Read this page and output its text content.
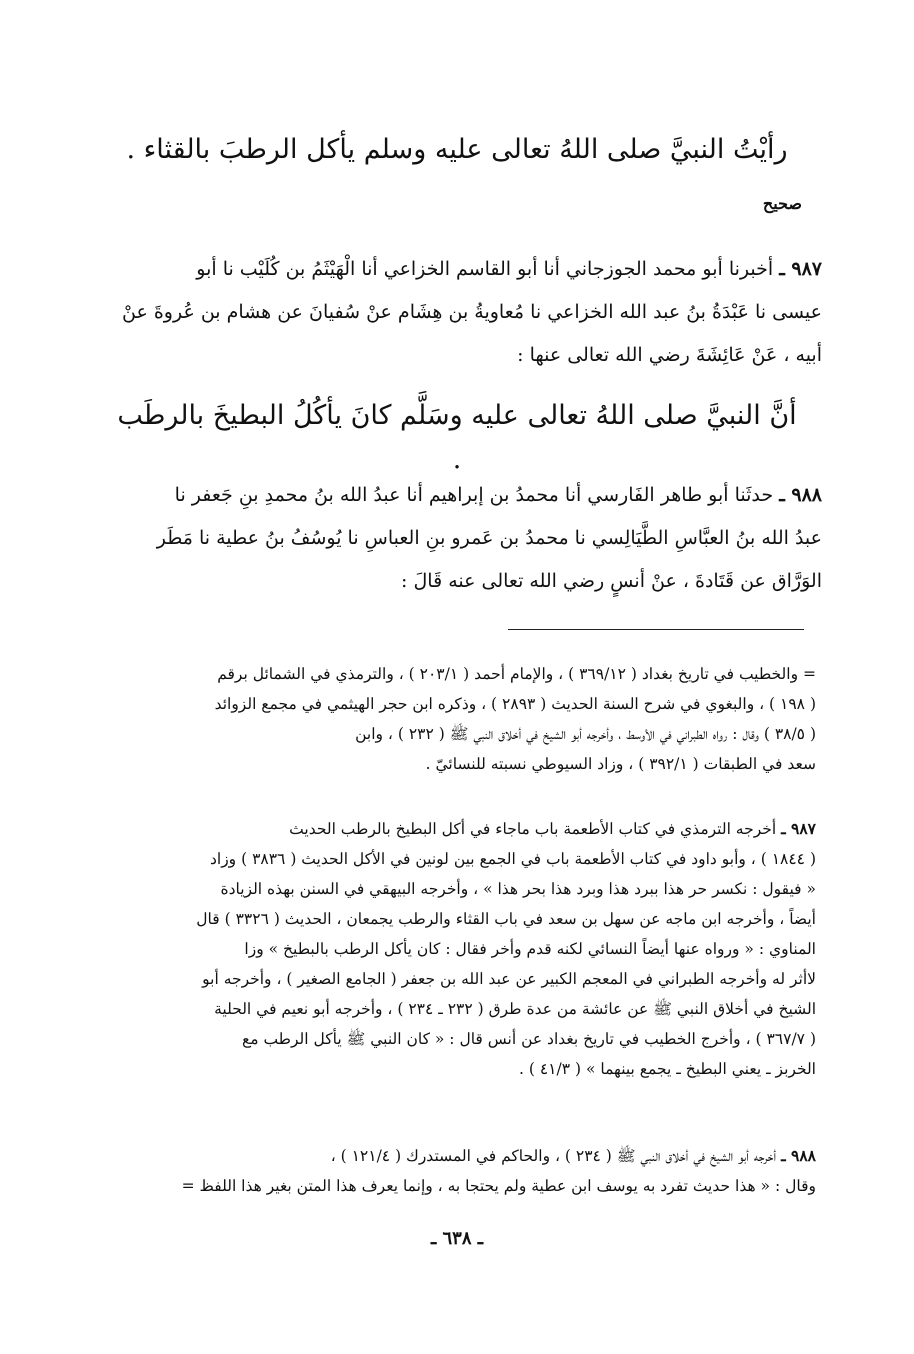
رأيْتُ النبيَّ صلى اللهُ تعالى عليه وسلم يأكل الرطبَ بالقثاء .
صحيح

٩٨٧ ـ أخبرنا أبو محمد الجوزجاني أنا أبو القاسم الخزاعي أنا الْهَيْثَمُ بن كُلَيْب نا أبو

عيسى نا عَبْدَةُ بنُ عبد الله الخزاعي نا مُعاويةُ بن هِشَام عنْ سُفيانَ عن هشام بن عُروةَ عنْ

أبيه ، عَنْ عَائِشَةَ رضي الله تعالى عنها :

أنَّ النبيَّ صلى اللهُ تعالى عليه وسَلَّم كانَ يأكُلُ البطيخَ بالرطَب .

٩٨٨ ـ حدثَنا أبو طاهر الفَارسي أنا محمدُ بن إبراهيم أنا عبدُ الله بنُ محمدِ بنِ جَعفر نا

عبدُ الله بنُ العبَّاسِ الطَّيَالِسي نا محمدُ بن عَمرو بنِ العباسِ نا يُوسُفُ بنُ عطية نا مَطَر

الوَرَّاق عن قَتَادةَ ، عنْ أنسٍ رضي الله تعالى عنه قَالَ :

= والخطيب في تاريخ بغداد ( ٣٦٩/١٢ ) ، والإمام أحمد ( ٢٠٣/١ ) ، والترمذي في الشمائل برقم

( ١٩٨ ) ، والبغوي في شرح السنة الحديث ( ٢٨٩٣ ) ، وذكره ابن حجر الهيثمي في مجمع الزوائد

( ٣٨/٥ ) وقال : رواه الطبراني في الأوسط ، وأخرجه أبو الشيخ في أخلاق النبي ﷺ ( ٢٣٢ ) ، وابن

سعد في الطبقات ( ٣٩٢/١ ) ، وزاد السيوطي نسبته للنسائيّ .

٩٨٧ ـ أخرجه الترمذي في كتاب الأطعمة باب ماجاء في أكل البطيخ بالرطب الحديث

( ١٨٤٤ ) ، وأبو داود في كتاب الأطعمة باب في الجمع بين لونين في الأكل الحديث ( ٣٨٣٦ ) وزاد

« فيقول : نكسر حر هذا ببرد هذا وبرد هذا بحر هذا » ، وأخرجه البيهقي في السنن بهذه الزيادة

أيضاً ، وأخرجه ابن ماجه عن سهل بن سعد في باب القثاء والرطب يجمعان ، الحديث ( ٣٣٢٦ ) قال

المناوي : « ورواه عنها أيضاً النسائي لكنه قدم وأخر فقال : كان يأكل الرطب بالبطيخ » وزا

لاأثر له وأخرجه الطبراني في المعجم الكبير عن عبد الله بن جعفر ( الجامع الصغير ) ، وأخرجه أبو

الشيخ في أخلاق النبي ﷺ عن عائشة من عدة طرق ( ٢٣٢ ـ ٢٣٤ ) ، وأخرجه أبو نعيم في الحلية

( ٣٦٧/٧ ) ، وأخرج الخطيب في تاريخ بغداد عن أنس قال : « كان النبي ﷺ يأكل الرطب مع

الخربز ـ يعني البطيخ ـ يجمع بينهما » ( ٤١/٣ ) .

٩٨٨ ـ أخرجه أبو الشيخ في أخلاق النبي ﷺ ( ٢٣٤ ) ، والحاكم في المستدرك ( ١٢١/٤ ) ،

وقال : « هذا حديث تفرد به يوسف ابن عطية ولم يحتجا به ، وإنما يعرف هذا المتن بغير هذا اللفظ =

ـ ٦٣٨ ـ
